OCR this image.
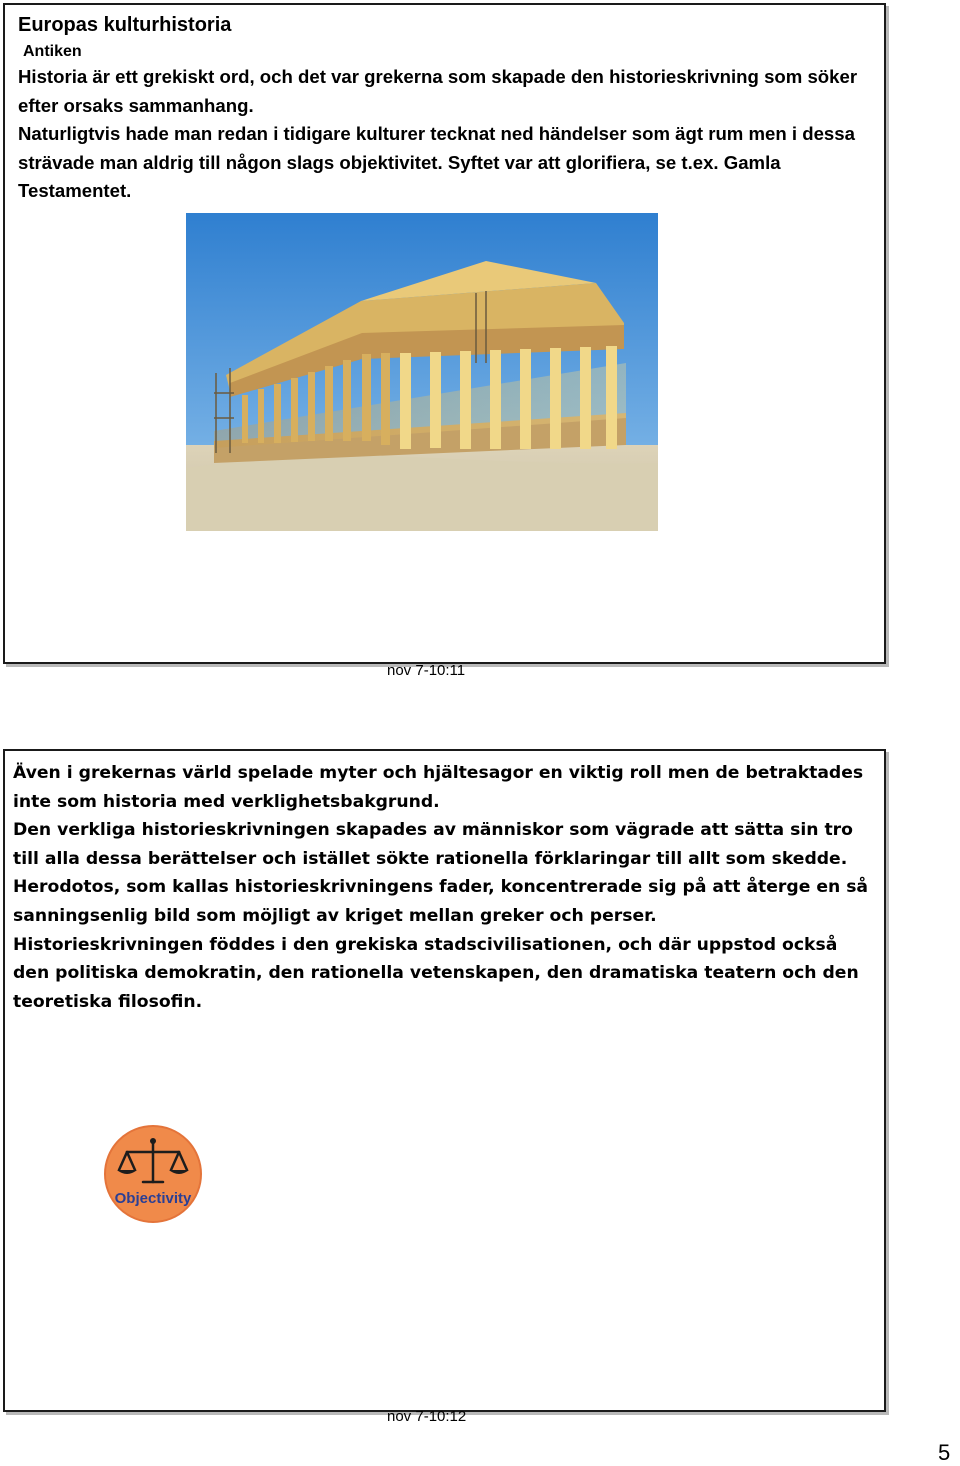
Europas kulturhistoria
Antiken

Historia är ett grekiskt ord, och det var grekerna som skapade den historieskrivning som söker efter orsaks sammanhang.

Naturligtvis hade man redan i tidigare kulturer tecknat ned händelser som ägt rum men i dessa strävade man aldrig till någon slags objektivitet. Syftet var att glorifiera, se t.ex. Gamla Testamentet.

nov 7-10:11

Även i grekernas värld spelade myter och hjältesagor en viktig roll men de betraktades inte som historia med verklighetsbakgrund.

Den verkliga historieskrivningen skapades av människor som vägrade att sätta sin tro till alla dessa berättelser och istället sökte rationella förklaringar till allt som skedde. Herodotos, som kallas historieskrivningens fader, koncentrerade sig på att återge en så sanningsenlig bild som möjligt av kriget mellan greker och perser.

Historieskrivningen föddes i den grekiska stadscivilisationen, och där uppstod också den politiska demokratin, den rationella vetenskapen, den dramatiska teatern och den teoretiska filosofin.

Objectivity
nov 7-10:12
5
